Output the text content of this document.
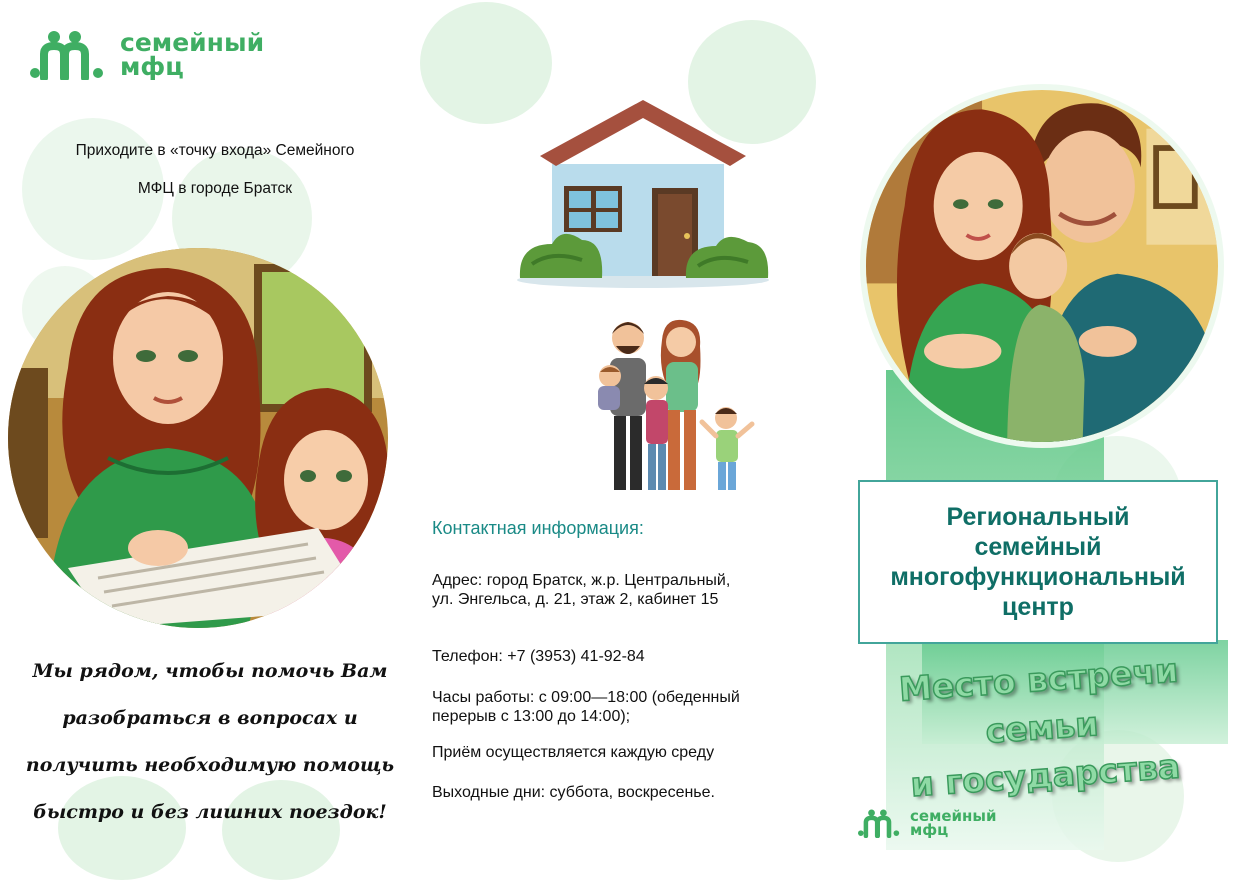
семейный
мфц
Приходите в «точку входа» Семейного
МФЦ в городе Братск
Мы рядом, чтобы помочь Вам
разобраться в вопросах и
получить необходимую помощь
быстро и без лишних поездок!
Контактная информация:
Адрес: город Братск, ж.р. Центральный,
ул. Энгельса, д. 21, этаж 2, кабинет 15
Телефон: +7 (3953) 41-92-84
Часы работы: с 09:00—18:00 (обеденный
перерыв с 13:00 до 14:00);
Приём осуществляется каждую среду
Выходные дни: суббота, воскресенье.
Региональный
семейный
многофункциональный
центр
Место встречи семьи
и государства
семейный
мфц
